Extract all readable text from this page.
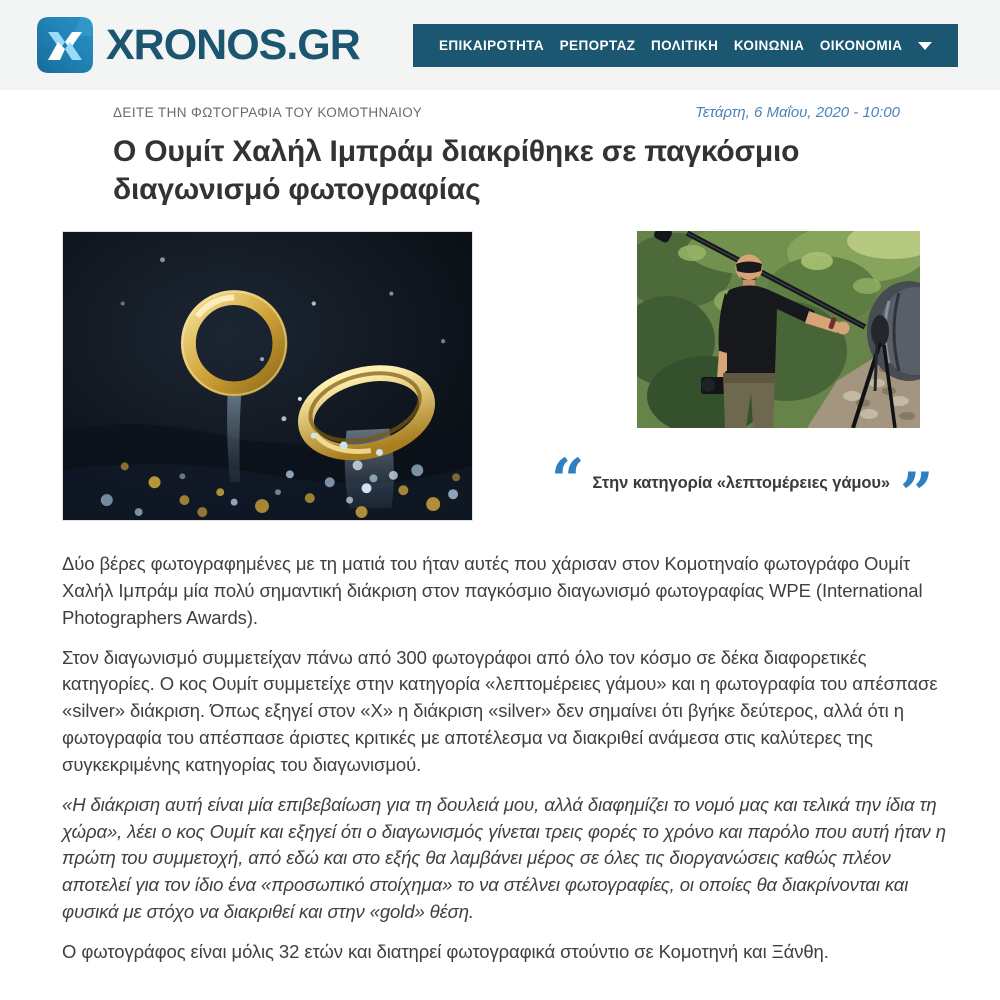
XRONOS.GR	ΕΠΙΚΑΙΡΟΤΗΤΑ ΡΕΠΟΡΤΑΖ ΠΟΛΙΤΙΚΗ ΚΟΙΝΩΝΙΑ ΟΙΚΟΝΟΜΙΑ
ΔΕΙΤΕ ΤΗΝ ΦΩΤΟΓΡΑΦΙΑ ΤΟΥ ΚΟΜΟΤΗΝΑΙΟΥ	Τετάρτη, 6 Μαΐου, 2020 - 10:00
Ο Ουμίτ Χαλήλ Ιμπράμ διακρίθηκε σε παγκόσμιο διαγωνισμό φωτογραφίας
“ Στην κατηγορία «λεπτομέρειες γάμου» ”

Δύο βέρες φωτογραφημένες με τη ματιά του ήταν αυτές που χάρισαν στον Κομοτηναίο φωτογράφο Ουμίτ Χαλήλ Ιμπράμ μία πολύ σημαντική διάκριση στον παγκόσμιο διαγωνισμό φωτογραφίας WPE (International Photographers Awards).

Στον διαγωνισμό συμμετείχαν πάνω από 300 φωτογράφοι από όλο τον κόσμο σε δέκα διαφορετικές κατηγορίες. Ο κος Ουμίτ συμμετείχε στην κατηγορία «λεπτομέρειες γάμου» και η φωτογραφία του απέσπασε «silver» διάκριση. Όπως εξηγεί στον «Χ» η διάκριση «silver» δεν σημαίνει ότι βγήκε δεύτερος, αλλά ότι η φωτογραφία του απέσπασε άριστες κριτικές με αποτέλεσμα να διακριθεί ανάμεσα στις καλύτερες της συγκεκριμένης κατηγορίας του διαγωνισμού.

«Η διάκριση αυτή είναι μία επιβεβαίωση για τη δουλειά μου, αλλά διαφημίζει το νομό μας και τελικά την ίδια τη χώρα», λέει ο κος Ουμίτ και εξηγεί ότι ο διαγωνισμός γίνεται τρεις φορές το χρόνο και παρόλο που αυτή ήταν η πρώτη του συμμετοχή, από εδώ και στο εξής θα λαμβάνει μέρος σε όλες τις διοργανώσεις καθώς πλέον αποτελεί για τον ίδιο ένα «προσωπικό στοίχημα» το να στέλνει φωτογραφίες, οι οποίες θα διακρίνονται και φυσικά με στόχο να διακριθεί και στην «gold» θέση.

Ο φωτογράφος είναι μόλις 32 ετών και διατηρεί φωτογραφικά στούντιο σε Κομοτηνή και Ξάνθη.
